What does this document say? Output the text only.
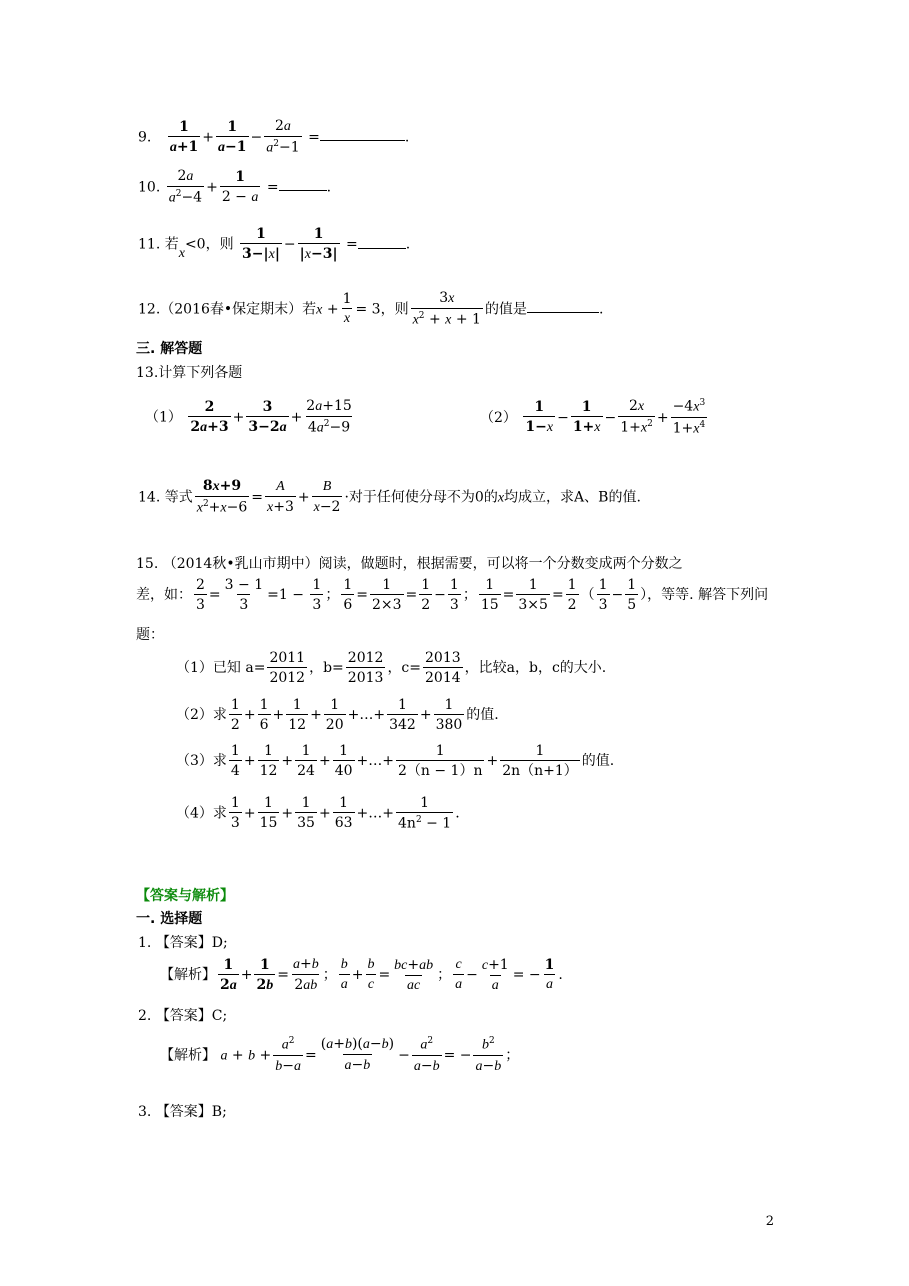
9. $\frac{1}{a+1} + \frac{1}{a-1} - \frac{2a}{a^2-1}$ =	.
10. $\frac{2a}{a^2-4} + \frac{1}{2 - a}$ =	.
11. 若x<0，则 $\frac{1}{3-|x|} - \frac{1}{|x-3|}$ =	.
12.（2016春•保定期末）若$x + \frac{1}{x} = 3$，则 $\frac{3x}{x^2 + x + 1}$ 的值是	.
三. 解答题
13.计算下列各题
$(1) \frac{2}{2a+3} + \frac{3}{3-2a} + \frac{2a+15}{4a^2-9}$	$(2) \frac{1}{1-x} - \frac{1}{1+x} - \frac{2x}{1+x^2} + \frac{-4x^3}{1+x^4}$
14. 等式 $\frac{8x+9}{x^2+x-6} = \frac{A}{x+3} + \frac{B}{x-2}$ ·对于任何使分母不为0的x均成立，求A、B的值.
15. （2014秋•乳山市期中）阅读，做题时，根据需要，可以将一个分数变成两个分数之
差，如： $\frac{2}{3} = \frac{3 - 1}{3} =1 - \frac{1}{3}$ ； $\frac{1}{6} = \frac{1}{2\times 3} = \frac{1}{2} - \frac{1}{3}$ ； $\frac{1}{15} = \frac{1}{3\times 5} = \frac{1}{2}$ （ $\frac{1}{3} - \frac{1}{5}$ ），等等. 解答下列问
题：
（1）已知 $a= \frac{2011}{2012}$ ，$b= \frac{2012}{2013}$ ，$c= \frac{2013}{2014}$ ，比较a，b，c的大小.
（2）求 $\frac{1}{2} + \frac{1}{6} + \frac{1}{12} + \frac{1}{20}$ +…+ $\frac{1}{342} + \frac{1}{380}$ 的值.
（3）求 $\frac{1}{4} + \frac{1}{12} + \frac{1}{24} + \frac{1}{40}$ +…+ $\frac{1}{2(n - 1)n} + \frac{1}{2n(n+1)}$ 的值.
（4）求 $\frac{1}{3} + \frac{1}{15} + \frac{1}{35} + \frac{1}{63}$ +…+ $\frac{1}{4n^2 - 1}$ .
【答案与解析】
一. 选择题
1. 【答案】D;
【解析】 $\frac{1}{2a} + \frac{1}{2b} = \frac{a+b}{2ab}$ ； $\frac{b}{a} + \frac{b}{c} = \frac{bc+ab}{ac}$ ； $\frac{c}{a} - \frac{c+1}{a}$ = − $\frac{1}{a}$ .
2. 【答案】C;
【解析】 $a + b + \frac{a^2}{b-a} = \frac{(a+b)(a-b)}{a-b} - \frac{a^2}{a-b}$ = − $\frac{b^2}{a-b}$ ；
3. 【答案】B;
2
